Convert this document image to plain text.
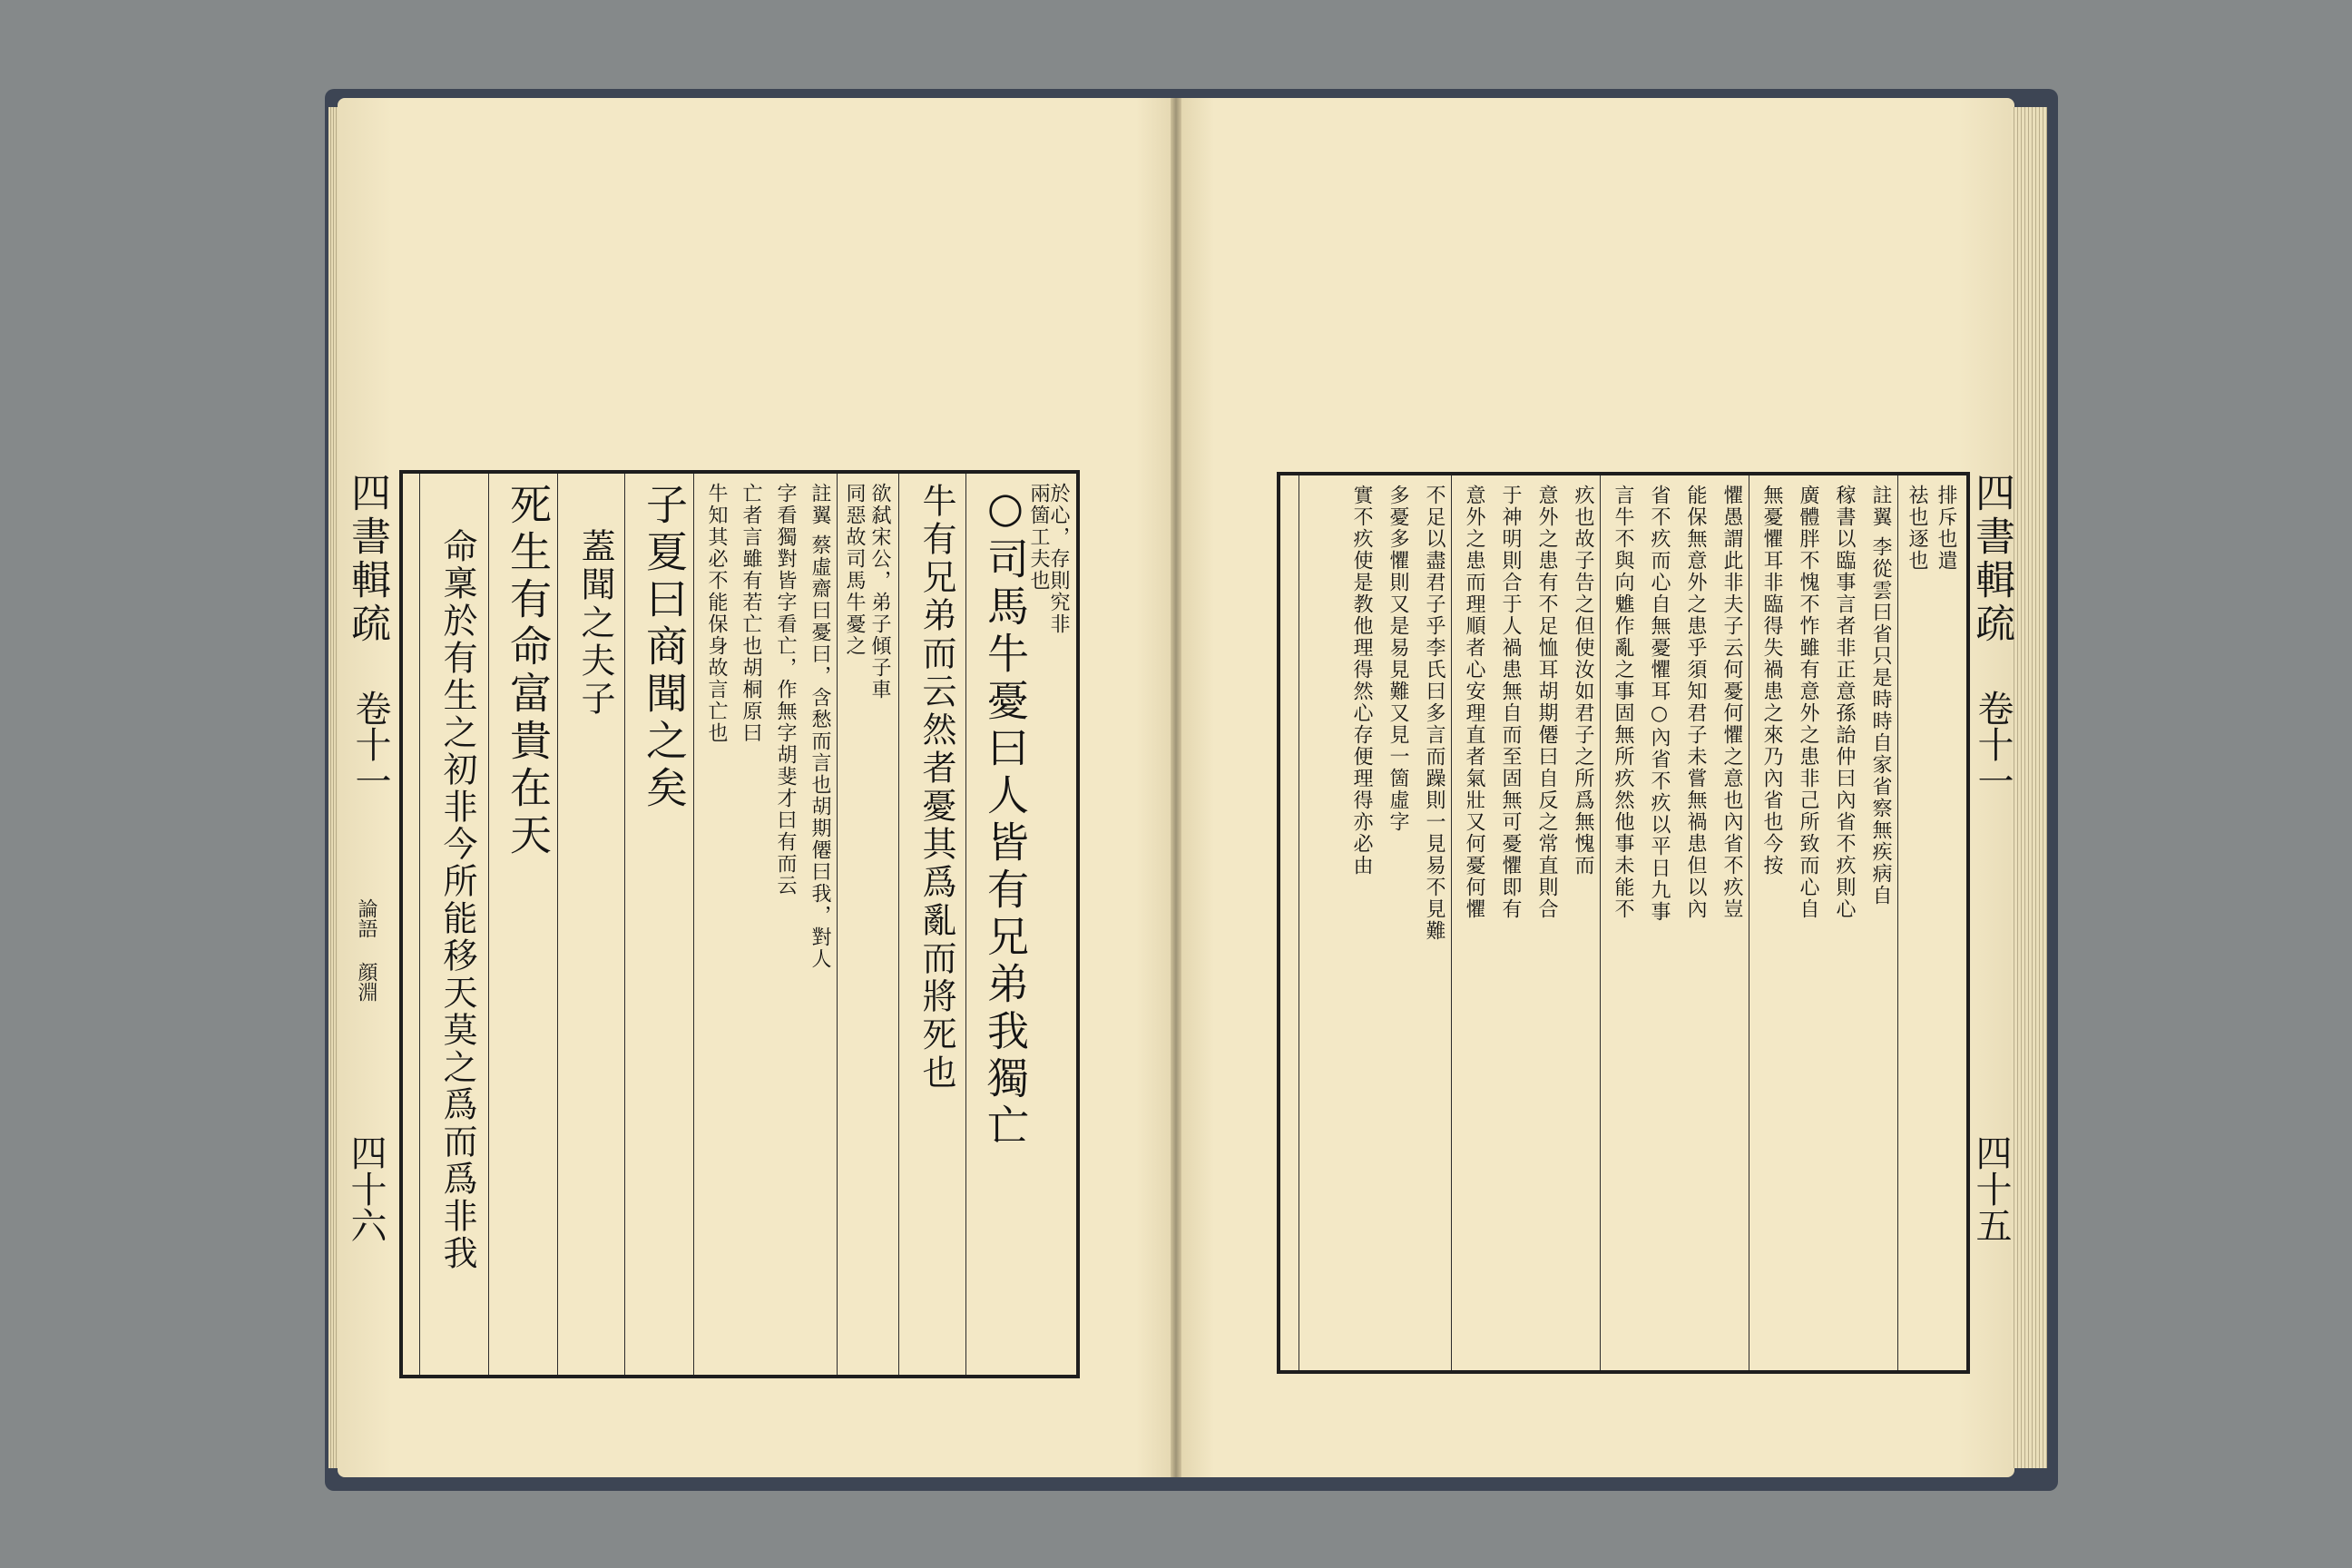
於心，存則究非
兩箇工夫也
○司馬牛憂曰人皆有兄弟我獨亡
牛有兄弟而云然者憂其爲亂而將死也
欲弑宋公，弟子傾子車
同惡故司馬牛憂之
註翼 蔡虛齋曰憂曰，含愁而言也胡期僊曰我，對人
字看獨對皆字看亡，作無字胡斐才曰有而云
亡者言雖有若亡也胡桐原曰
牛知其必不能保身故言亡也
子夏曰商聞之矣
蓋聞之夫子
死生有命富貴在天
命稟於有生之初非今所能移天莫之爲而爲非我
四書輯疏
卷十一
論語
顔淵
四十六
排斥也遣
祛也逐也
註翼 李從雲曰省只是時時自家省察無疾病自
稼書以臨事言者非正意孫詒仲曰內省不疚則心
廣體胖不愧不怍雖有意外之患非己所致而心自
無憂懼耳非臨得失禍患之來乃內省也今按
懼愚謂此非夫子云何憂何懼之意也內省不疚豈
能保無意外之患乎須知君子未嘗無禍患但以內
省不疚而心自無憂懼耳○內省不疚以平日九事
言牛不與向魋作亂之事固無所疚然他事未能不
疚也故子告之但使汝如君子之所爲無愧而
意外之患有不足恤耳胡期僊曰自反之常直則合
于神明則合于人禍患無自而至固無可憂懼即有
意外之患而理順者心安理直者氣壯又何憂何懼
不足以盡君子乎李氏曰多言而躁則一見易不見難
多憂多懼則又是易見難又見一箇虛字
實不疚使是教他理得然心存便理得亦必由	四書輯疏
卷十一
四十五
